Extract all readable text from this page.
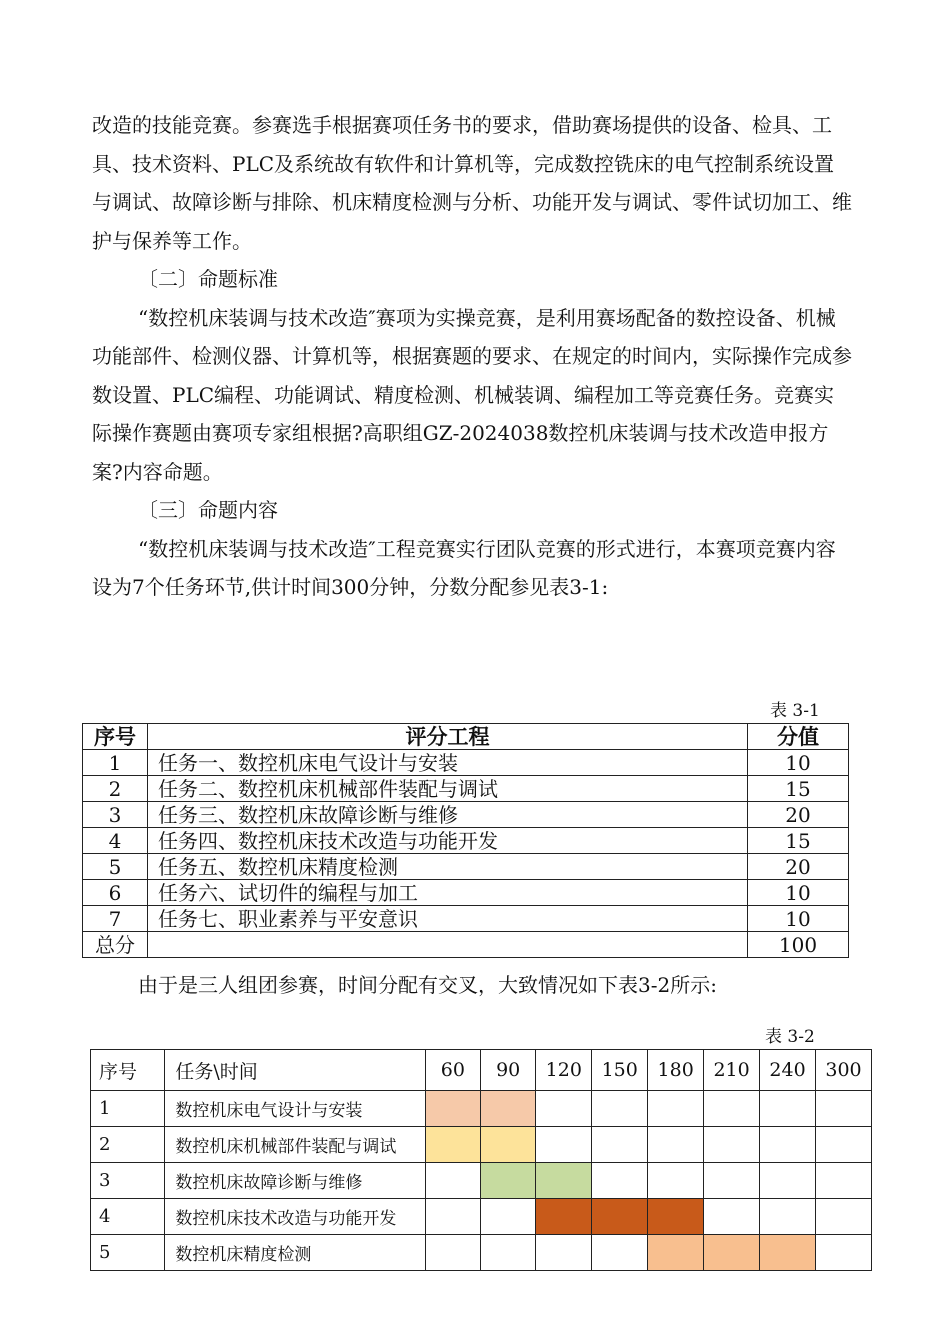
改造的技能竞赛。参赛选手根据赛项任务书的要求，借助赛场提供的设备、检具、工具、技术资料、PLC及系统故有软件和计算机等，完成数控铣床的电气控制系统设置与调试、故障诊断与排除、机床精度检测与分析、功能开发与调试、零件试切加工、维护与保养等工作。

〔二〕命题标准

“数控机床装调与技术改造″赛项为实操竞赛，是利用赛场配备的数控设备、机械功能部件、检测仪器、计算机等，根据赛题的要求、在规定的时间内，实际操作完成参数设置、PLC编程、功能调试、精度检测、机械装调、编程加工等竞赛任务。竞赛实际操作赛题由赛项专家组根据?高职组GZ-2024038数控机床装调与技术改造申报方案?内容命题。

〔三〕命题内容

“数控机床装调与技术改造″工程竞赛实行团队竞赛的形式进行，本赛项竞赛内容设为7个任务环节,供计时间300分钟，分数分配参见表3-1:

表 3-1
序号	评分工程	分值
1	任务一、数控机床电气设计与安装	10
2	任务二、数控机床机械部件装配与调试	15
3	任务三、数控机床故障诊断与维修	20
4	任务四、数控机床技术改造与功能开发	15
5	任务五、数控机床精度检测	20
6	任务六、试切件的编程与加工	10
7	任务七、职业素养与平安意识	10
总分		100
由于是三人组团参赛，时间分配有交叉，大致情况如下表3-2所示:
表 3-2
序号	任务\时间	60	90	120	150	180	210	240	300
1	数控机床电气设计与安装								
2	数控机床机械部件装配与调试								
3	数控机床故障诊断与维修								
4	数控机床技术改造与功能开发								
5	数控机床精度检测								
